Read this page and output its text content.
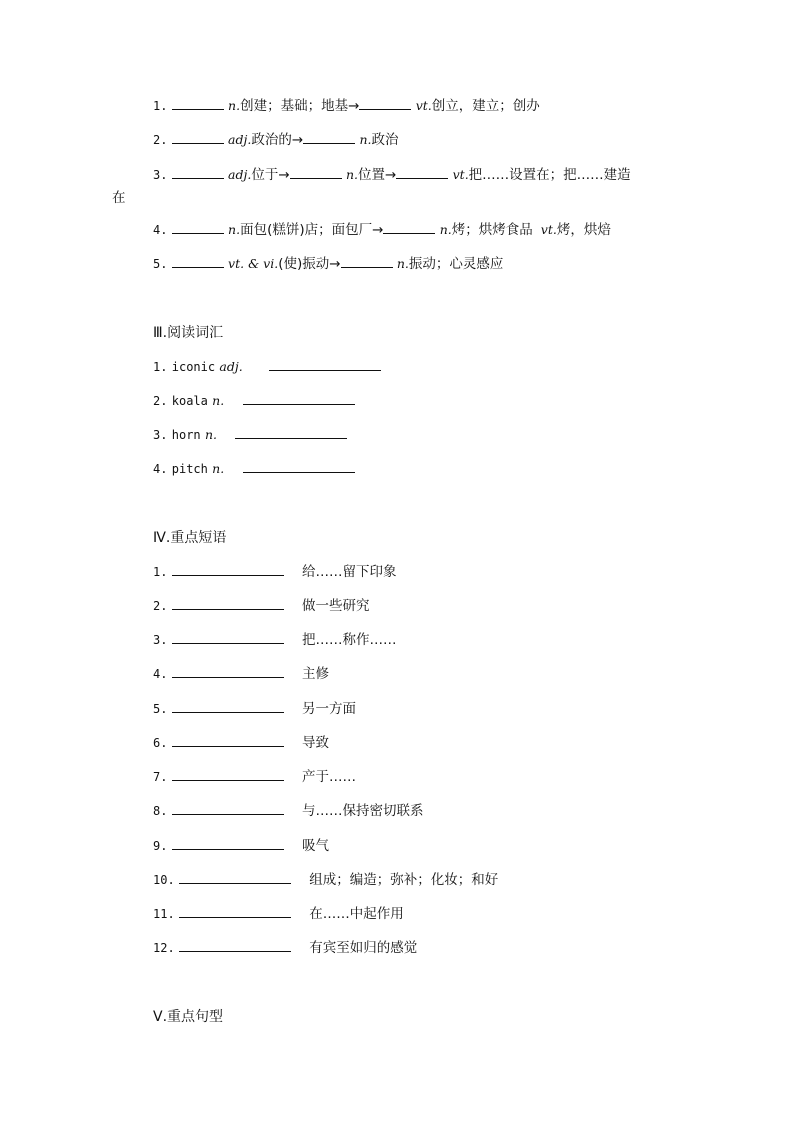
1.	n.创建；基础；地基→	vt.创立，建立；创办
2.	adj.政治的→	n.政治
3.	adj.位于→	n.位置→	vt.把……设置在；把……建造
在
4.	n.面包(糕饼)店；面包厂→	n.烤；烘烤食品 vt.烤，烘焙
5.	vt. & vi.(使)振动→	n.振动；心灵感应
Ⅲ.阅读词汇
1. iconic adj.
2. koala n.
3. horn n.
4. pitch n.
Ⅳ.重点短语
1.	给……留下印象
2.	做一些研究
3.	把……称作……
4.	主修
5.	另一方面
6.	导致
7.	产于……
8.	与……保持密切联系
9.	吸气
10.	组成；编造；弥补；化妆；和好
11.	在……中起作用
12.	有宾至如归的感觉
Ⅴ.重点句型
